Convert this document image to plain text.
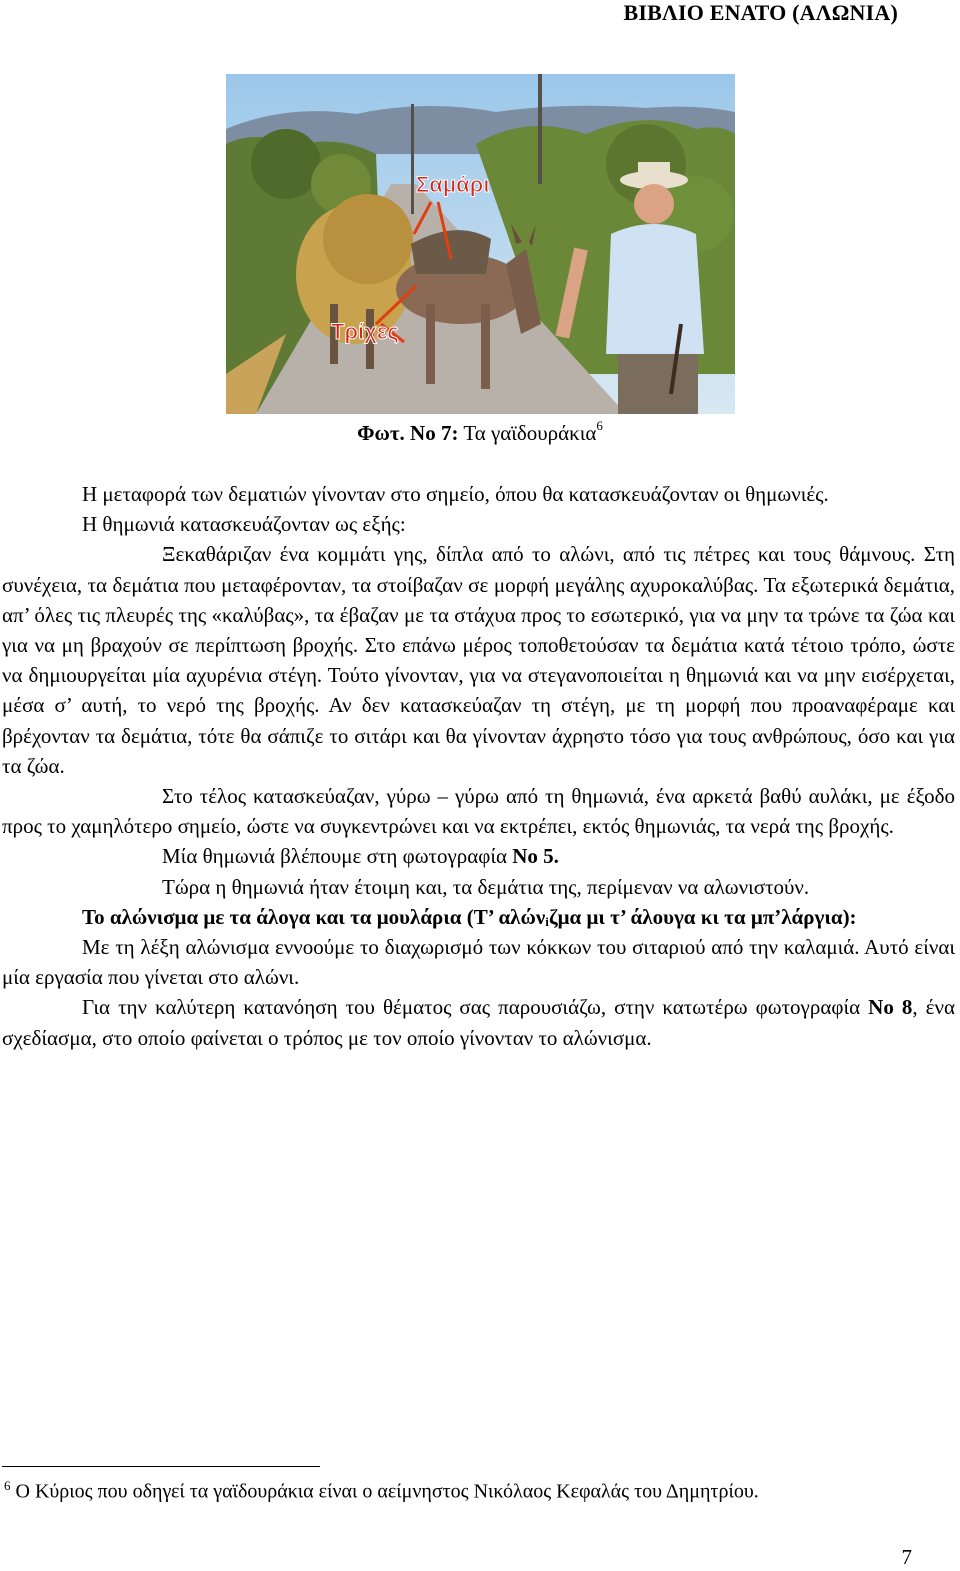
ΒΙΒΛΙΟ ΕΝΑΤΟ (ΑΛΩΝΙΑ)
Σαμάρι
Τρίχες
Φωτ. Νο 7: Τα γαϊδουράκια$^6$

Η μεταφορά των δεματιών γίνονταν στο σημείο, όπου θα κατασκευάζονταν οι θημωνιές.

Η θημωνιά κατασκευάζονταν ως εξής:

Ξεκαθάριζαν ένα κομμάτι γης, δίπλα από το αλώνι, από τις πέτρες και τους θάμνους. Στη συνέχεια, τα δεμάτια που μεταφέρονταν, τα στοίβαζαν σε μορφή μεγάλης αχυροκαλύβας. Τα εξωτερικά δεμάτια, απ’ όλες τις πλευρές της «καλύβας», τα έβαζαν με τα στάχυα προς το εσωτερικό, για να μην τα τρώνε τα ζώα και για να μη βραχούν σε περίπτωση βροχής. Στο επάνω μέρος τοποθετούσαν τα δεμάτια κατά τέτοιο τρόπο, ώστε να δημιουργείται μία αχυρένια στέγη. Τούτο γίνονταν, για να στεγανοποιείται η θημωνιά και να μην εισέρχεται, μέσα σ’ αυτή, το νερό της βροχής. Αν δεν κατασκεύαζαν τη στέγη, με τη μορφή που προαναφέραμε και βρέχονταν τα δεμάτια, τότε θα σάπιζε το σιτάρι και θα γίνονταν άχρηστο τόσο για τους ανθρώπους, όσο και για τα ζώα.

Στο τέλος κατασκεύαζαν, γύρω – γύρω από τη θημωνιά, ένα αρκετά βαθύ αυλάκι, με έξοδο προς το χαμηλότερο σημείο, ώστε να συγκεντρώνει και να εκτρέπει, εκτός θημωνιάς, τα νερά της βροχής.

Μία θημωνιά βλέπουμε στη φωτογραφία Νο 5.

Τώρα η θημωνιά ήταν έτοιμη και, τα δεμάτια της, περίμεναν να αλωνιστούν.

Το αλώνισμα με τα άλογα και τα μουλάρια (Τ’ αλώνᵢζμα μι τ’ άλουγα κι τα μπ’λάργια):

Με τη λέξη αλώνισμα εννοούμε το διαχωρισμό των κόκκων του σιταριού από την καλαμιά. Αυτό είναι μία εργασία που γίνεται στο αλώνι.

Για την καλύτερη κατανόηση του θέματος σας παρουσιάζω, στην κατωτέρω φωτογραφία Νο 8, ένα σχεδίασμα, στο οποίο φαίνεται ο τρόπος με τον οποίο γίνονταν το αλώνισμα.

$^6$ Ο Κύριος που οδηγεί τα γαϊδουράκια είναι ο αείμνηστος Νικόλαος Κεφαλάς του Δημητρίου.
7
